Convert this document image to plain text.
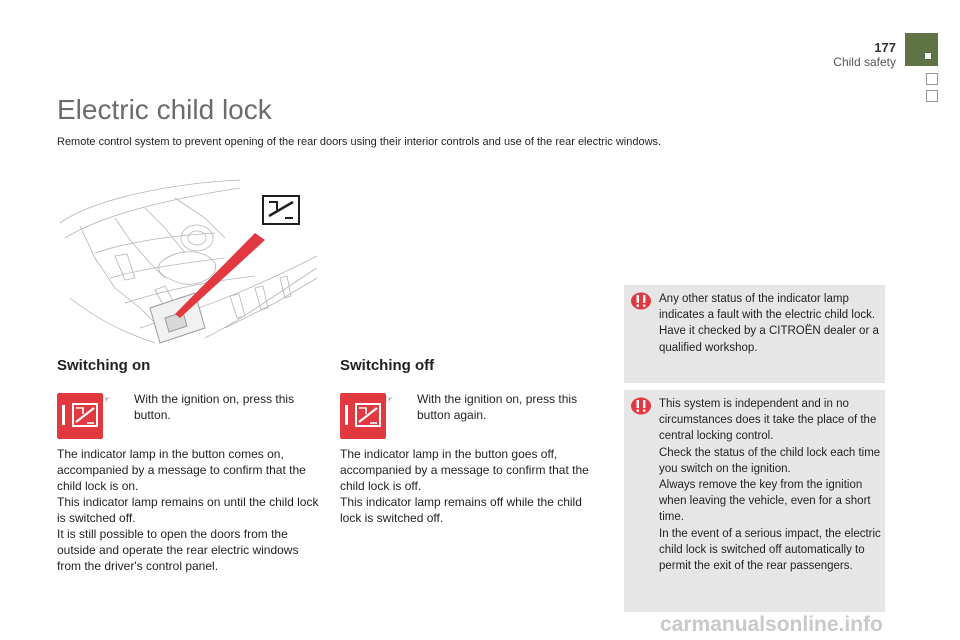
177
Child safety
Electric child lock
Remote control system to prevent opening of the rear doors using their interior controls and use of the rear electric windows.
Switching on
☞ With the ignition on, press this button.
The indicator lamp in the button comes on, accompanied by a message to confirm that the child lock is on.
This indicator lamp remains on until the child lock is switched off.
It is still possible to open the doors from the outside and operate the rear electric windows from the driver's control panel.
Switching off
☞ With the ignition on, press this button again.
The indicator lamp in the button goes off, accompanied by a message to confirm that the child lock is off.
This indicator lamp remains off while the child lock is switched off.
Any other status of the indicator lamp indicates a fault with the electric child lock.
Have it checked by a CITROËN dealer or a qualified workshop.
This system is independent and in no circumstances does it take the place of the central locking control.
Check the status of the child lock each time you switch on the ignition.
Always remove the key from the ignition when leaving the vehicle, even for a short time.
In the event of a serious impact, the electric child lock is switched off automatically to permit the exit of the rear passengers.
carmanualsonline.info
